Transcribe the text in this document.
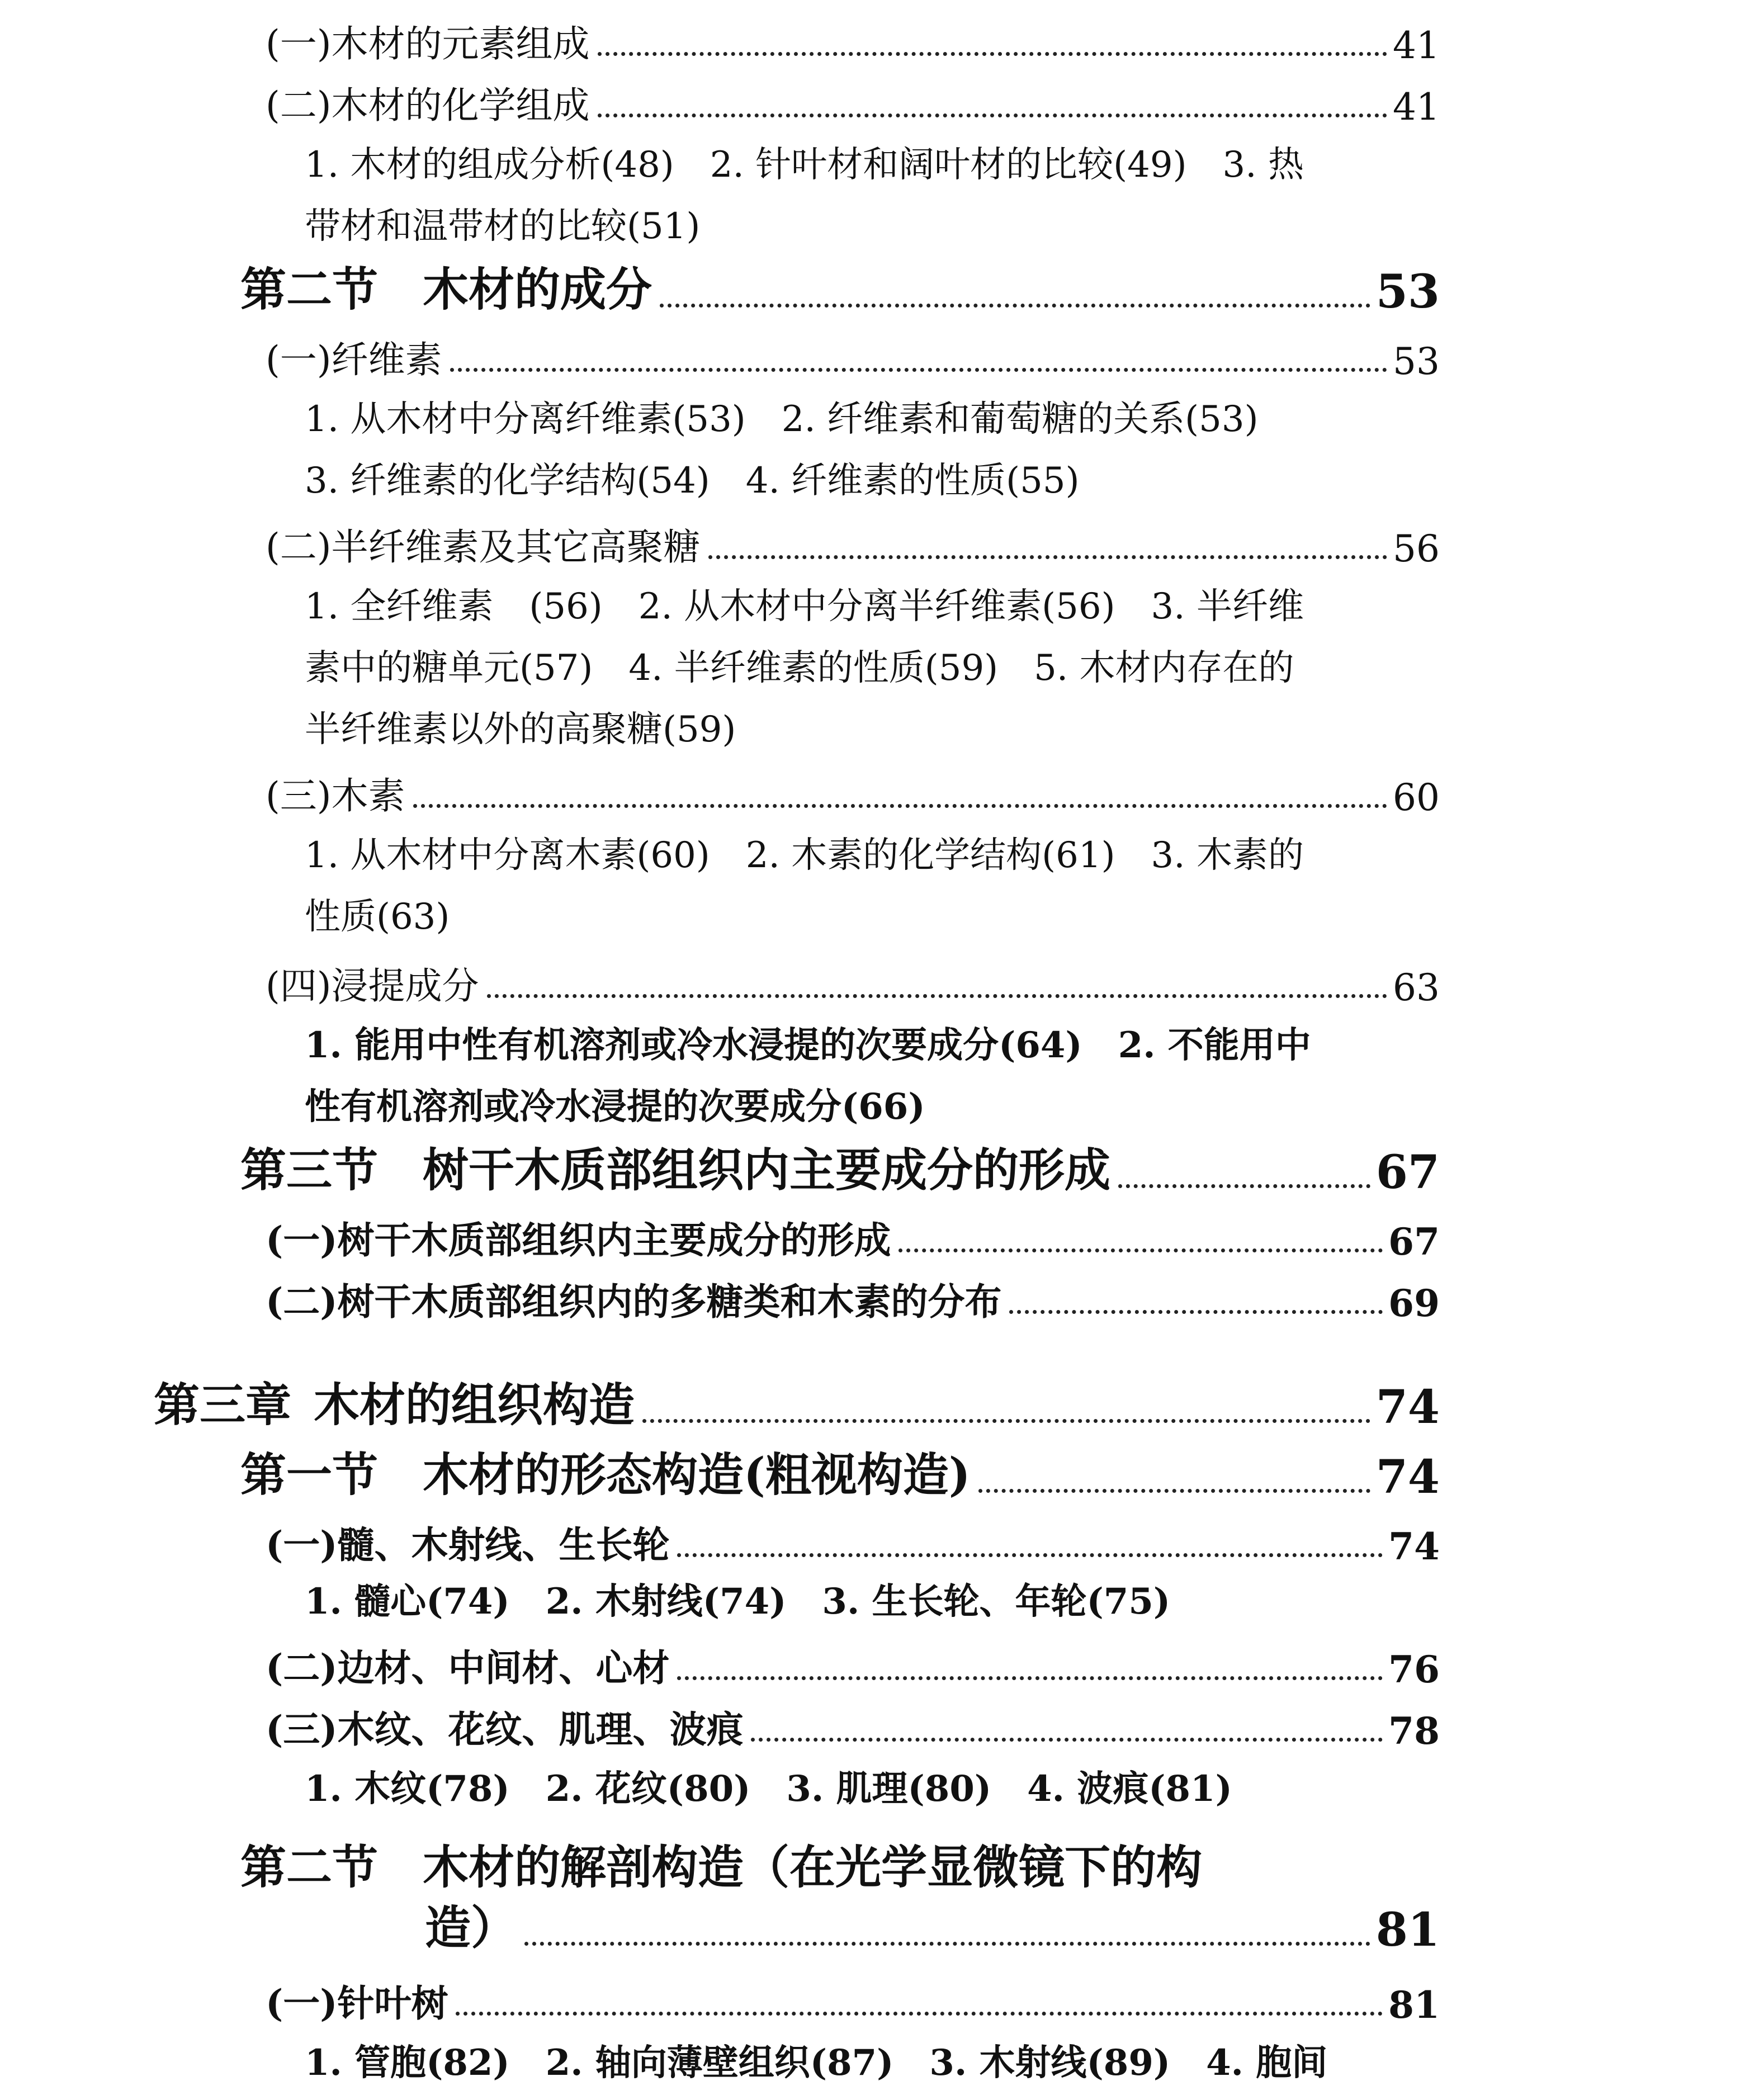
(一)木材的元素组成	41
(二)木材的化学组成	41
1. 木材的组成分析(48)　2. 针叶材和阔叶材的比较(49)　3. 热
带材和温带材的比较(51)
第二节 木材的成分	53
(一)纤维素	53
1. 从木材中分离纤维素(53)　2. 纤维素和葡萄糖的关系(53)
3. 纤维素的化学结构(54)　4. 纤维素的性质(55)
(二)半纤维素及其它高聚糖	56
1. 全纤维素　(56)　2. 从木材中分离半纤维素(56)　3. 半纤维
素中的糖单元(57)　4. 半纤维素的性质(59)　5. 木材内存在的
半纤维素以外的高聚糖(59)
(三)木素	60
1. 从木材中分离木素(60)　2. 木素的化学结构(61)　3. 木素的
性质(63)
(四)浸提成分	63
1. 能用中性有机溶剂或冷水浸提的次要成分(64)　2. 不能用中
性有机溶剂或冷水浸提的次要成分(66)
第三节 树干木质部组织内主要成分的形成	67
(一)树干木质部组织内主要成分的形成	67
(二)树干木质部组织内的多糖类和木素的分布	69
第三章 木材的组织构造	74
第一节 木材的形态构造(粗视构造)	74
(一)髓、木射线、生长轮	74
1. 髓心(74)　2. 木射线(74)　3. 生长轮、年轮(75)
(二)边材、中间材、心材	76
(三)木纹、花纹、肌理、波痕	78
1. 木纹(78)　2. 花纹(80)　3. 肌理(80)　4. 波痕(81)
第二节 木材的解剖构造（在光学显微镜下的构
造）	81
(一)针叶树	81
1. 管胞(82)　2. 轴向薄壁组织(87)　3. 木射线(89)　4. 胞间
